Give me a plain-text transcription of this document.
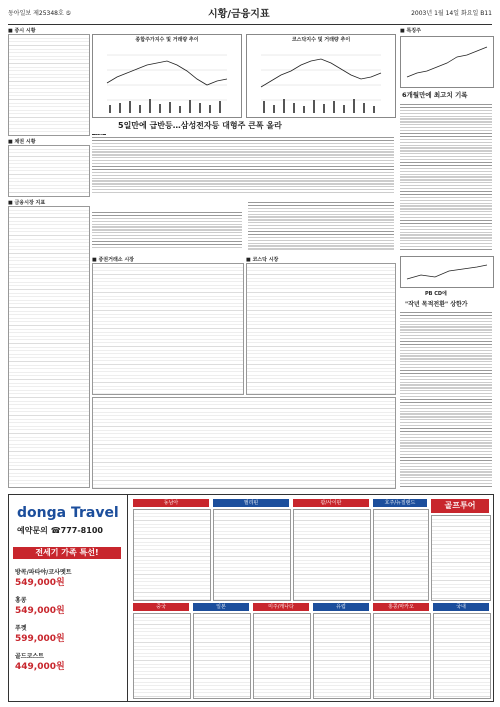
동아일보 제25348호 ⑤	시황/금융지표	2003년 1월 14일 화요일 B11
■ 증시 시황
■ 채권 시황
■ 금융시장 지표
종합주가지수 및 거래량 추이	코스닥지수 및 거래량 추이
5일만에 급반등…삼성전자등 대형주 큰폭 올라
■ 증권거래소 시장	■ 코스닥 시장
■ 특징주
6개월만에 최고치 기록
PB CD에
"작년 목적전환" 상한가
donga Travel
예약문의 ☎777-8100
전세기 가족 특선!
방콕/파타야/코사멧트
549,000원
홍콩
549,000원
푸껫
599,000원
골드코스트
449,000원
동남아	필리핀	괌/사이판	호주/뉴질랜드	골프투어
중국	일본	미주/캐나다	유럽	홍콩/마카오	국내
